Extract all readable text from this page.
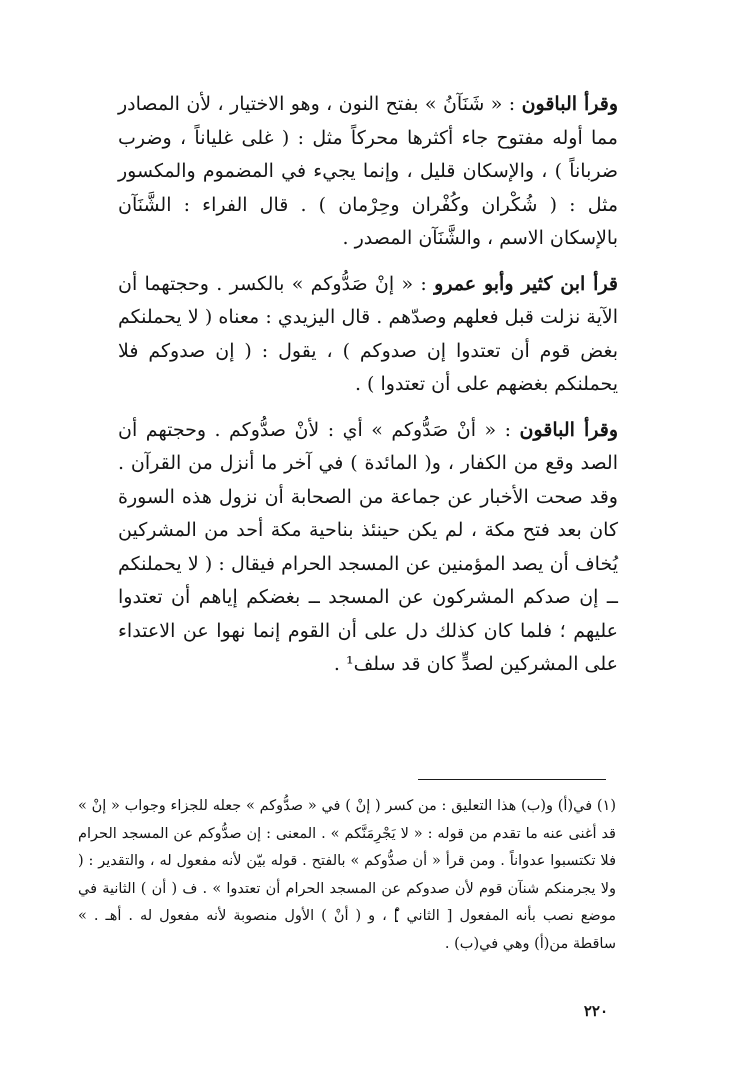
وقرأ الباقون : « شَنَآنُ » بفتح النون ، وهو الاختيار ، لأن المصادر مما أوله مفتوح جاء أكثرها محركاً مثل : ( غلى غلياناً ، وضرب ضرباناً ) ، والإسكان قليل ، وإنما يجيء في المضموم والمكسور مثل : ( شُكْران وكُفْران وحِرْمان ) . قال الفراء : الشَّنَآن بالإسكان الاسم ، والشَّنَآن المصدر .

قرأ ابن كثير وأبو عمرو : « إنْ صَدُّوكم » بالكسر . وحجتهما أن الآية نزلت قبل فعلهم وصدّهم . قال اليزيدي : معناه ( لا يحملنكم بغض قوم أن تعتدوا إن صدوكم ) ، يقول : ( إن صدوكم فلا يحملنكم بغضهم على أن تعتدوا ) .

وقرأ الباقون : « أنْ صَدُّوكم » أي : لأنْ صدُّوكم . وحجتهم أن الصد وقع من الكفار ، و( المائدة ) في آخر ما أنزل من القرآن . وقد صحت الأخبار عن جماعة من الصحابة أن نزول هذه السورة كان بعد فتح مكة ، لم يكن حينئذ بناحية مكة أحد من المشركين يُخاف أن يصد المؤمنين عن المسجد الحرام فيقال : ( لا يحملنكم ــ إن صدكم المشركون عن المسجد ــ بغضكم إياهم أن تعتدوا عليهم ؛ فلما كان كذلك دل على أن القوم إنما نهوا عن الاعتداء على المشركين لصدٍّ كان قد سلف¹ .

(١) في(أ) و(ب) هذا التعليق : من كسر ( إنْ ) في « صدُّوكم » جعله للجزاء وجواب « إنْ » قد أغنى عنه ما تقدم من قوله : « لا يَجْرِمَنَّكم » . المعنى : إن صدُّوكم عن المسجد الحرام فلا تكتسبوا عدواناً . ومن قرأ « أن صدُّوكم » بالفتح . قوله بيّن لأنه مفعول له ، والتقدير : ( ولا يجرمنكم شنآن قوم لأن صدوكم عن المسجد الحرام أن تعتدوا » . ف ( أن ) الثانية في موضع نصب بأنه المفعول [ الثاني ]ْ ، و ( أنْ ) الأول منصوبة لأنه مفعول له . أهـ . » ساقطة من(أ) وهي في(ب) .

٢٢٠
